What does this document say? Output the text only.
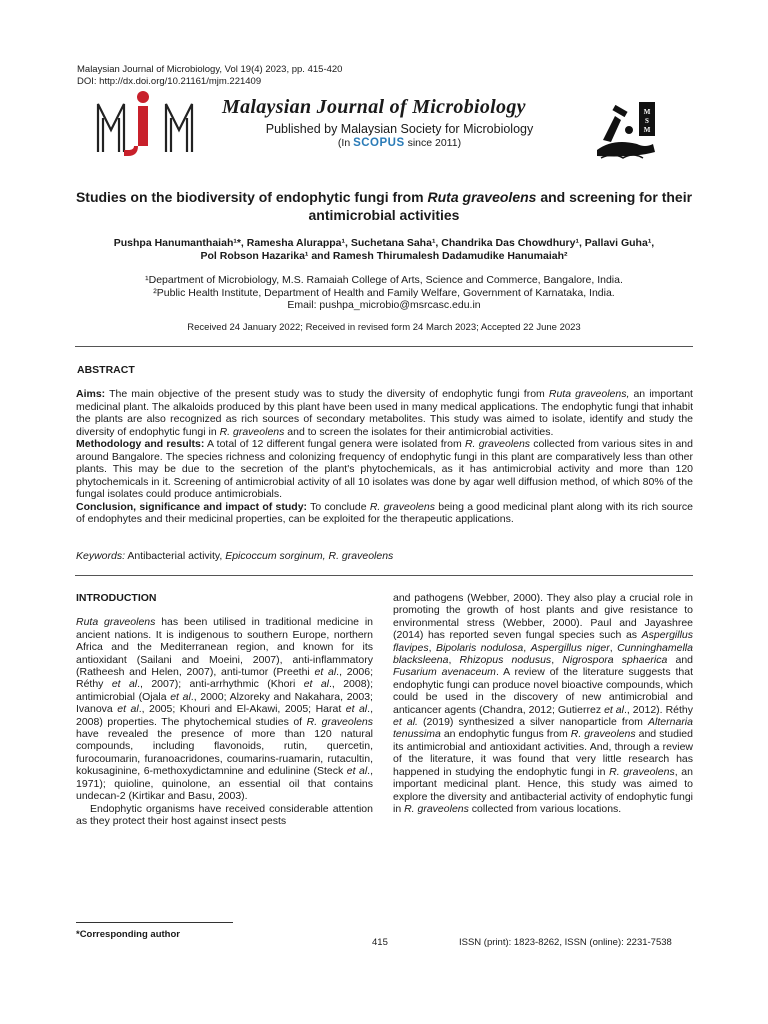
Malaysian Journal of Microbiology, Vol 19(4) 2023, pp. 415-420
DOI: http://dx.doi.org/10.21161/mjm.221409
Malaysian Journal of Microbiology
Published by Malaysian Society for Microbiology
(In SCOPUS since 2011)
M
S
M
Studies on the biodiversity of endophytic fungi from Ruta graveolens and screening for their antimicrobial activities
Pushpa Hanumanthaiah¹*, Ramesha Alurappa¹, Suchetana Saha¹, Chandrika Das Chowdhury¹, Pallavi Guha¹,
Pol Robson Hazarika¹ and Ramesh Thirumalesh Dadamudike Hanumaiah²
¹Department of Microbiology, M.S. Ramaiah College of Arts, Science and Commerce, Bangalore, India.
²Public Health Institute, Department of Health and Family Welfare, Government of Karnataka, India.
Email: pushpa_microbio@msrcasc.edu.in
Received 24 January 2022; Received in revised form 24 March 2023; Accepted 22 June 2023
ABSTRACT

Aims: The main objective of the present study was to study the diversity of endophytic fungi from Ruta graveolens, an important medicinal plant. The alkaloids produced by this plant have been used in many medical applications. The endophytic fungi that inhabit the plants are also recognized as rich sources of secondary metabolites. This study was aimed to isolate, identify and study the diversity of endophytic fungi in R. graveolens and to screen the isolates for their antimicrobial activities.

Methodology and results: A total of 12 different fungal genera were isolated from R. graveolens collected from various sites in and around Bangalore. The species richness and colonizing frequency of endophytic fungi in this plant are comparatively less than other plants. This may be due to the secretion of the plant's phytochemicals, as it has antimicrobial activity and more than 120 phytochemicals in it. Screening of antimicrobial activity of all 10 isolates was done by agar well diffusion method, of which 80% of the fungal isolates could produce antimicrobials.

Conclusion, significance and impact of study: To conclude R. graveolens being a good medicinal plant along with its rich source of endophytes and their medicinal properties, can be exploited for the therapeutic applications.

Keywords: Antibacterial activity, Epicoccum sorginum, R. graveolens

INTRODUCTION

Ruta graveolens has been utilised in traditional medicine in ancient nations. It is indigenous to southern Europe, northern Africa and the Mediterranean region, and known for its antioxidant (Sailani and Moeini, 2007), anti-inflammatory (Ratheesh and Helen, 2007), anti-tumor (Preethi et al., 2006; Réthy et al., 2007); anti-arrhythmic (Khori et al., 2008); antimicrobial (Ojala et al., 2000; Alzoreky and Nakahara, 2003; Ivanova et al., 2005; Khouri and El-Akawi, 2005; Harat et al., 2008) properties. The phytochemical studies of R. graveolens have revealed the presence of more than 120 natural compounds, including flavonoids, rutin, quercetin, furocoumarin, furanoacridones, coumarins-ruamarin, rutacultin, kokusaginine, 6-methoxydictamnine and edulinine (Steck et al., 1971); quioline, quinolone, an essential oil that contains undecan-2 (Kirtikar and Basu, 2003).

Endophytic organisms have received considerable attention as they protect their host against insect pests

and pathogens (Webber, 2000). They also play a crucial role in promoting the growth of host plants and give resistance to environmental stress (Webber, 2000). Paul and Jayashree (2014) has reported seven fungal species such as Aspergillus flavipes, Bipolaris nodulosa, Aspergillus niger, Cunninghamella blacksleena, Rhizopus nodusus, Nigrospora sphaerica and Fusarium avenaceum. A review of the literature suggests that endophytic fungi can produce novel bioactive compounds, which could be used in the discovery of new antimicrobial and anticancer agents (Chandra, 2012; Gutierrez et al., 2012). Réthy et al. (2019) synthesized a silver nanoparticle from Alternaria tenussima an endophytic fungus from R. graveolens and studied its antimicrobial and antioxidant activities. And, through a review of the literature, it was found that very little research has happened in studying the endophytic fungi in R. graveolens, an important medicinal plant. Hence, this study was aimed to explore the diversity and antibacterial activity of endophytic fungi in R. graveolens collected from various locations.

*Corresponding author
415	ISSN (print): 1823-8262, ISSN (online): 2231-7538
